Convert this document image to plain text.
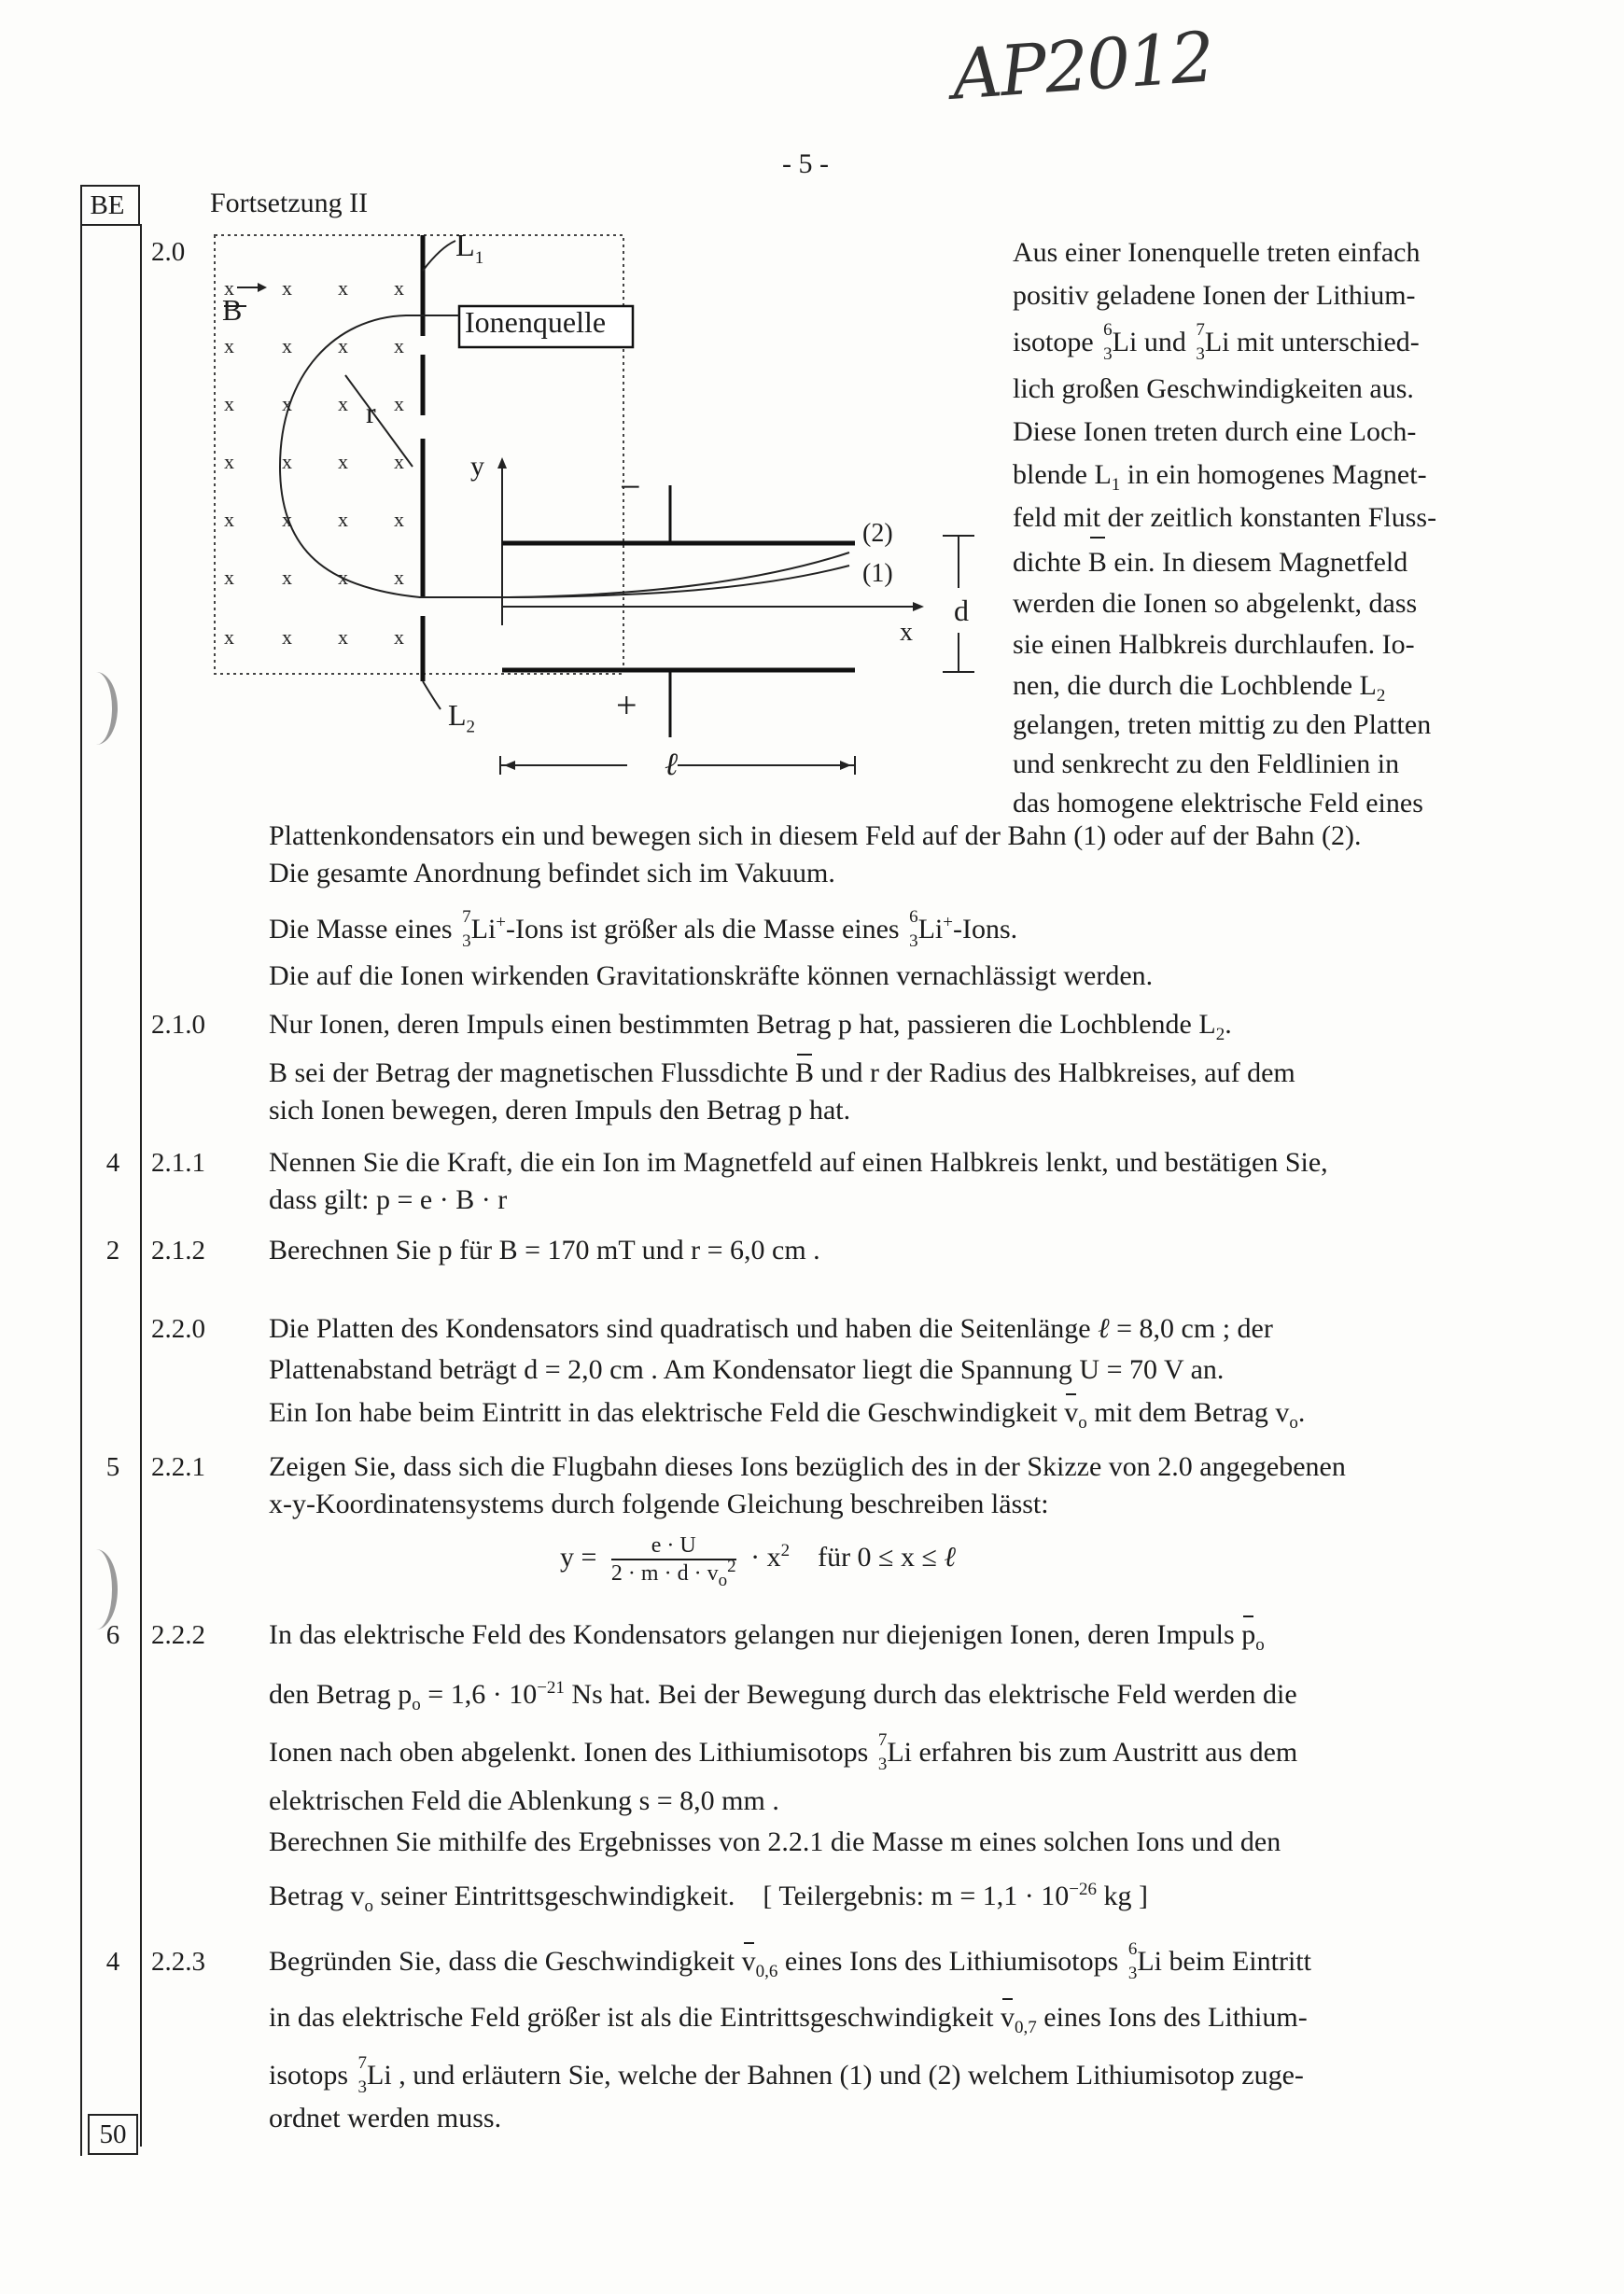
AP2012
- 5 -
BE
50
Fortsetzung II
2.0
x x x x
x x x x
x x x x
x x x x
x x x x
x x x x
x x x x
$L_1$
B	Ionenquelle
r
y	−
+
(2)
(1)
x
d
$L_2$
ℓ
Aus einer Ionenquelle treten einfach
positiv geladene Ionen der Lithium-
isotope 6
3 Li und 7
3 Li mit unterschied-
lich großen Geschwindigkeiten aus.
Diese Ionen treten durch eine Loch-
blende $L_1$ in ein homogenes Magnet-
feld mit der zeitlich konstanten Fluss-
dichte B ein. In diesem Magnetfeld
werden die Ionen so abgelenkt, dass
sie einen Halbkreis durchlaufen. Io-
nen, die durch die Lochblende $L_2$
gelangen, treten mittig zu den Platten
und senkrecht zu den Feldlinien in
das homogene elektrische Feld eines
Plattenkondensators ein und bewegen sich in diesem Feld auf der Bahn (1) oder auf der Bahn (2).
Die gesamte Anordnung befindet sich im Vakuum.
Die Masse eines 7
3 Li+-Ions ist größer als die Masse eines 6
3 Li+-Ions.
Die auf die Ionen wirkenden Gravitationskräfte können vernachlässigt werden.
2.1.0 Nur Ionen, deren Impuls einen bestimmten Betrag p hat, passieren die Lochblende $L_2$.
B sei der Betrag der magnetischen Flussdichte B und r der Radius des Halbkreises, auf dem
sich Ionen bewegen, deren Impuls den Betrag p hat.
4	2.1.1 Nennen Sie die Kraft, die ein Ion im Magnetfeld auf einen Halbkreis lenkt, und bestätigen Sie,
dass gilt: p = e · B · r
2	2.1.2 Berechnen Sie p für B = 170 mT und r = 6,0 cm .
2.2.0 Die Platten des Kondensators sind quadratisch und haben die Seitenlänge ℓ = 8,0 cm ; der
Plattenabstand beträgt d = 2,0 cm . Am Kondensator liegt die Spannung U = 70 V an.
Ein Ion habe beim Eintritt in das elektrische Feld die Geschwindigkeit $v_o$ mit dem Betrag $v_o$.
5	2.2.1 Zeigen Sie, dass sich die Flugbahn dieses Ions bezüglich des in der Skizze von 2.0 angegebenen
x-y-Koordinatensystems durch folgende Gleichung beschreiben lässt:
$y = \frac{e \cdot U}{2 \cdot m \cdot d \cdot v_o^2} \cdot x^2$ für 0 ≤ x ≤ ℓ
6	2.2.2 In das elektrische Feld des Kondensators gelangen nur diejenigen Ionen, deren Impuls $p_o$
den Betrag $p_o = 1,6 \cdot 10^{-21}$ Ns hat. Bei der Bewegung durch das elektrische Feld werden die
Ionen nach oben abgelenkt. Ionen des Lithiumisotops 7
3 Li erfahren bis zum Austritt aus dem
elektrischen Feld die Ablenkung s = 8,0 mm .
Berechnen Sie mithilfe des Ergebnisses von 2.2.1 die Masse m eines solchen Ions und den
Betrag $v_o$ seiner Eintrittsgeschwindigkeit. [ Teilergebnis: $m = 1,1 \cdot 10^{-26}$ kg ]
4	2.2.3 Begründen Sie, dass die Geschwindigkeit $v_{0,6}$ eines Ions des Lithiumisotops 6
3 Li beim Eintritt
in das elektrische Feld größer ist als die Eintrittsgeschwindigkeit $v_{0,7}$ eines Ions des Lithium-
isotops 7
3 Li , und erläutern Sie, welche der Bahnen (1) und (2) welchem Lithiumisotop zuge-
ordnet werden muss.
